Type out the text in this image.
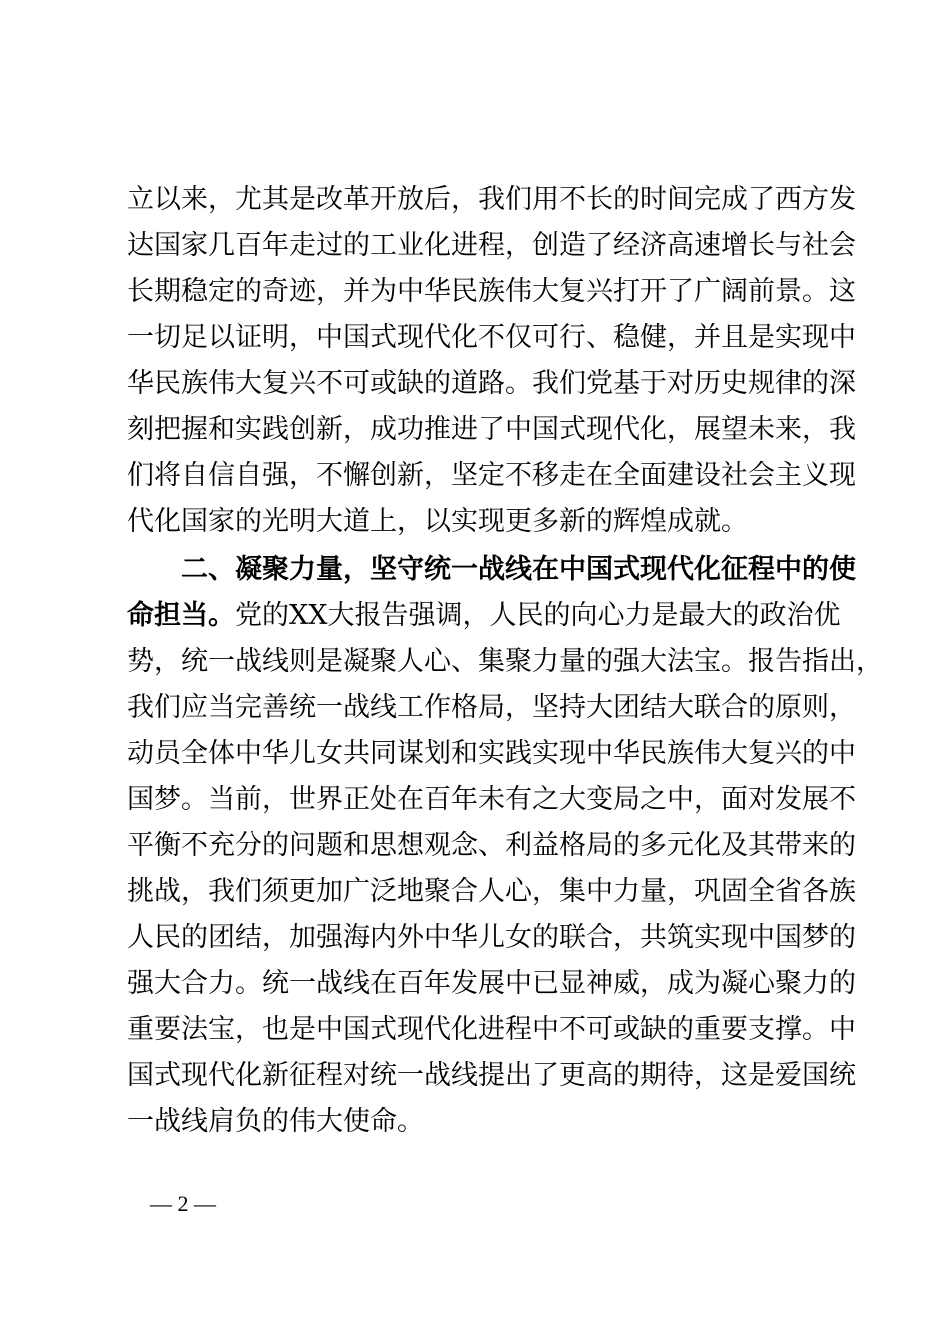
立以来，尤其是改革开放后，我们用不长的时间完成了西方发
达国家几百年走过的工业化进程，创造了经济高速增长与社会
长期稳定的奇迹，并为中华民族伟大复兴打开了广阔前景。这
一切足以证明，中国式现代化不仅可行、稳健，并且是实现中
华民族伟大复兴不可或缺的道路。我们党基于对历史规律的深
刻把握和实践创新，成功推进了中国式现代化，展望未来，我
们将自信自强，不懈创新，坚定不移走在全面建设社会主义现
代化国家的光明大道上，以实现更多新的辉煌成就。
二、凝聚力量，坚守统一战线在中国式现代化征程中的使
命担当。党的XX大报告强调，人民的向心力是最大的政治优
势，统一战线则是凝聚人心、集聚力量的强大法宝。报告指出，
我们应当完善统一战线工作格局，坚持大团结大联合的原则，
动员全体中华儿女共同谋划和实践实现中华民族伟大复兴的中
国梦。当前，世界正处在百年未有之大变局之中，面对发展不
平衡不充分的问题和思想观念、利益格局的多元化及其带来的
挑战，我们须更加广泛地聚合人心，集中力量，巩固全省各族
人民的团结，加强海内外中华儿女的联合，共筑实现中国梦的
强大合力。统一战线在百年发展中已显神威，成为凝心聚力的
重要法宝，也是中国式现代化进程中不可或缺的重要支撑。中
国式现代化新征程对统一战线提出了更高的期待，这是爱国统
一战线肩负的伟大使命。
— 2 —
